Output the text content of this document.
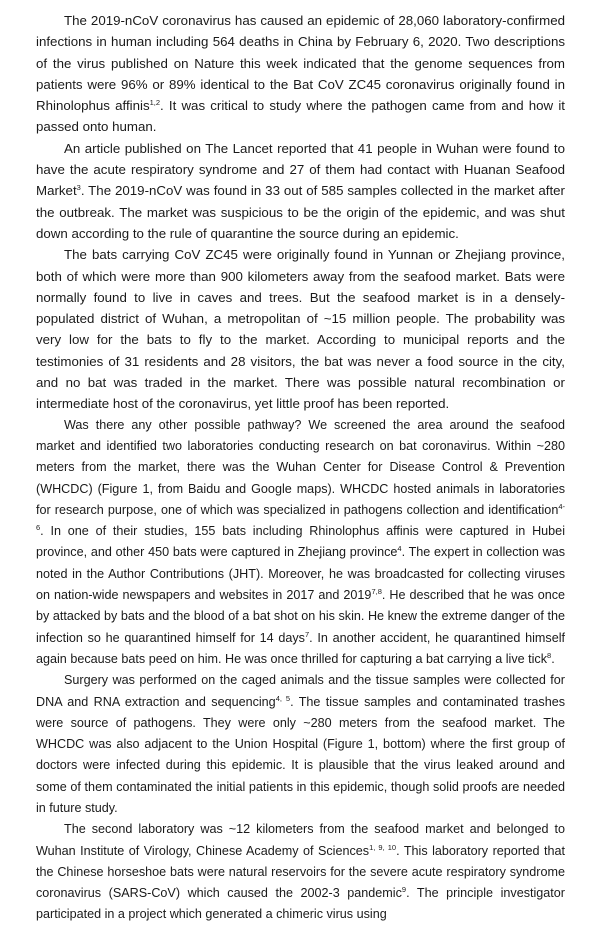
The 2019-nCoV coronavirus has caused an epidemic of 28,060 laboratory-confirmed infections in human including 564 deaths in China by February 6, 2020. Two descriptions of the virus published on Nature this week indicated that the genome sequences from patients were 96% or 89% identical to the Bat CoV ZC45 coronavirus originally found in Rhinolophus affinis$^{1,2}$. It was critical to study where the pathogen came from and how it passed onto human.

An article published on The Lancet reported that 41 people in Wuhan were found to have the acute respiratory syndrome and 27 of them had contact with Huanan Seafood Market$^3$. The 2019-nCoV was found in 33 out of 585 samples collected in the market after the outbreak. The market was suspicious to be the origin of the epidemic, and was shut down according to the rule of quarantine the source during an epidemic.

The bats carrying CoV ZC45 were originally found in Yunnan or Zhejiang province, both of which were more than 900 kilometers away from the seafood market. Bats were normally found to live in caves and trees. But the seafood market is in a densely-populated district of Wuhan, a metropolitan of ~15 million people. The probability was very low for the bats to fly to the market. According to municipal reports and the testimonies of 31 residents and 28 visitors, the bat was never a food source in the city, and no bat was traded in the market. There was possible natural recombination or intermediate host of the coronavirus, yet little proof has been reported.

Was there any other possible pathway? We screened the area around the seafood market and identified two laboratories conducting research on bat coronavirus. Within ~280 meters from the market, there was the Wuhan Center for Disease Control & Prevention (WHCDC) (Figure 1, from Baidu and Google maps). WHCDC hosted animals in laboratories for research purpose, one of which was specialized in pathogens collection and identification$^{4-6}$. In one of their studies, 155 bats including Rhinolophus affinis were captured in Hubei province, and other 450 bats were captured in Zhejiang province$^4$. The expert in collection was noted in the Author Contributions (JHT). Moreover, he was broadcasted for collecting viruses on nation-wide newspapers and websites in 2017 and 2019$^{7,8}$. He described that he was once by attacked by bats and the blood of a bat shot on his skin. He knew the extreme danger of the infection so he quarantined himself for 14 days$^7$. In another accident, he quarantined himself again because bats peed on him. He was once thrilled for capturing a bat carrying a live tick$^8$.

Surgery was performed on the caged animals and the tissue samples were collected for DNA and RNA extraction and sequencing$^{4, 5}$. The tissue samples and contaminated trashes were source of pathogens. They were only ~280 meters from the seafood market. The WHCDC was also adjacent to the Union Hospital (Figure 1, bottom) where the first group of doctors were infected during this epidemic. It is plausible that the virus leaked around and some of them contaminated the initial patients in this epidemic, though solid proofs are needed in future study.

The second laboratory was ~12 kilometers from the seafood market and belonged to Wuhan Institute of Virology, Chinese Academy of Sciences$^{1, 9, 10}$. This laboratory reported that the Chinese horseshoe bats were natural reservoirs for the severe acute respiratory syndrome coronavirus (SARS-CoV) which caused the 2002-3 pandemic$^9$. The principle investigator participated in a project which generated a chimeric virus using
